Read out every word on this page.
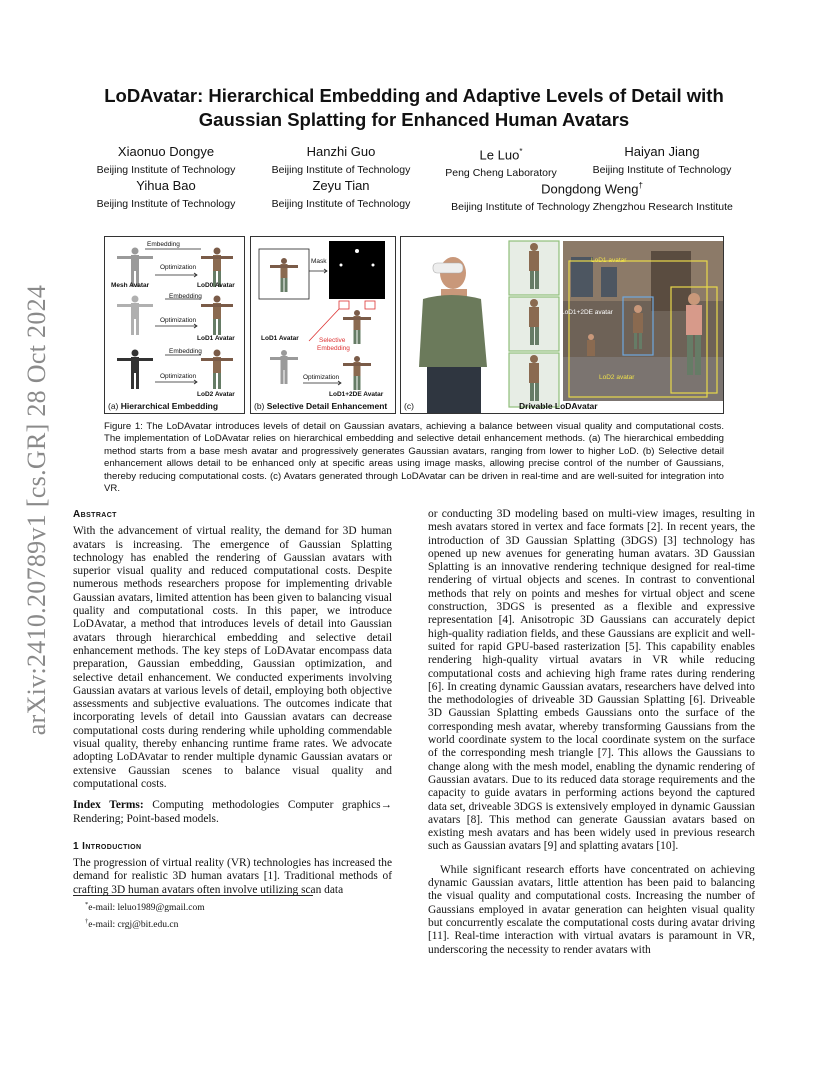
arXiv:2410.20789v1 [cs.GR] 28 Oct 2024
LoDAvatar: Hierarchical Embedding and Adaptive Levels of Detail with
Gaussian Splatting for Enhanced Human Avatars
Xiaonuo Dongye
Beijing Institute of Technology
Hanzhi Guo
Beijing Institute of Technology
Le Luo*
Peng Cheng Laboratory
Haiyan Jiang
Beijing Institute of Technology
Yihua Bao
Beijing Institute of Technology
Zeyu Tian
Beijing Institute of Technology
Dongdong Weng†
Beijing Institute of Technology Zhengzhou Research Institute
Embedding
Optimization
Mesh Avatar	LoD0 Avatar
Embedding
Optimization
LoD1 Avatar
Embedding
Optimization
LoD2 Avatar
(a) Hierarchical Embedding
Mask
LoD1 Avatar	Selective
Embedding
Optimization
LoD1+2DE Avatar
(b) Selective Detail Enhancement
LoD1 avatar
LoD1+2DE avatar
LoD2 avatar
(c)	Drivable LoDAvatar
Figure 1: The LoDAvatar introduces levels of detail on Gaussian avatars, achieving a balance between visual quality and computational costs. The implementation of LoDAvatar relies on hierarchical embedding and selective detail enhancement methods. (a) The hierarchical embedding method starts from a base mesh avatar and progressively generates Gaussian avatars, ranging from lower to higher LoD. (b) Selective detail enhancement allows detail to be enhanced only at specific areas using image masks, allowing precise control of the number of Gaussians, thereby reducing computational costs. (c) Avatars generated through LoDAvatar can be driven in real-time and are well-suited for integration into VR.
Abstract

With the advancement of virtual reality, the demand for 3D human avatars is increasing. The emergence of Gaussian Splatting technology has enabled the rendering of Gaussian avatars with superior visual quality and reduced computational costs. Despite numerous methods researchers propose for implementing drivable Gaussian avatars, limited attention has been given to balancing visual quality and computational costs. In this paper, we introduce LoDAvatar, a method that introduces levels of detail into Gaussian avatars through hierarchical embedding and selective detail enhancement methods. The key steps of LoDAvatar encompass data preparation, Gaussian embedding, Gaussian optimization, and selective detail enhancement. We conducted experiments involving Gaussian avatars at various levels of detail, employing both objective assessments and subjective evaluations. The outcomes indicate that incorporating levels of detail into Gaussian avatars can decrease computational costs during rendering while upholding commendable visual quality, thereby enhancing runtime frame rates. We advocate adopting LoDAvatar to render multiple dynamic Gaussian avatars or extensive Gaussian scenes to balance visual quality and computational costs.

Index Terms: Computing methodologies Computer graphics→ Rendering; Point-based models.

1 Introduction

The progression of virtual reality (VR) technologies has increased the demand for realistic 3D human avatars [1]. Traditional methods of crafting 3D human avatars often involve utilizing scan data

*e-mail: leluo1989@gmail.com
†e-mail: crgj@bit.edu.cn

or conducting 3D modeling based on multi-view images, resulting in mesh avatars stored in vertex and face formats [2]. In recent years, the introduction of 3D Gaussian Splatting (3DGS) [3] technology has opened up new avenues for generating human avatars. 3D Gaussian Splatting is an innovative rendering technique designed for real-time rendering of virtual objects and scenes. In contrast to conventional methods that rely on points and meshes for virtual object and scene construction, 3DGS is presented as a flexible and expressive representation [4]. Anisotropic 3D Gaussians can accurately depict high-quality radiation fields, and these Gaussians are explicit and well-suited for rapid GPU-based rasterization [5]. This capability enables rendering high-quality virtual avatars in VR while reducing computational costs and achieving high frame rates during rendering [6]. In creating dynamic Gaussian avatars, researchers have delved into the methodologies of driveable 3D Gaussian Splatting [6]. Driveable 3D Gaussian Splatting embeds Gaussians onto the surface of the corresponding mesh avatar, whereby transforming Gaussians from the world coordinate system to the local coordinate system on the surface of the corresponding mesh triangle [7]. This allows the Gaussians to change along with the mesh model, enabling the dynamic rendering of Gaussian avatars. Due to its reduced data storage requirements and the capacity to guide avatars in performing actions beyond the captured data set, driveable 3DGS is extensively employed in dynamic Gaussian avatars [8]. This method can generate Gaussian avatars based on existing mesh avatars and has been widely used in previous research such as Gaussian avatars [9] and splatting avatars [10].

While significant research efforts have concentrated on achieving dynamic Gaussian avatars, little attention has been paid to balancing the visual quality and computational costs. Increasing the number of Gaussians employed in avatar generation can heighten visual quality but concurrently escalate the computational costs during avatar driving [11]. Real-time interaction with virtual avatars is paramount in VR, underscoring the necessity to render avatars with
